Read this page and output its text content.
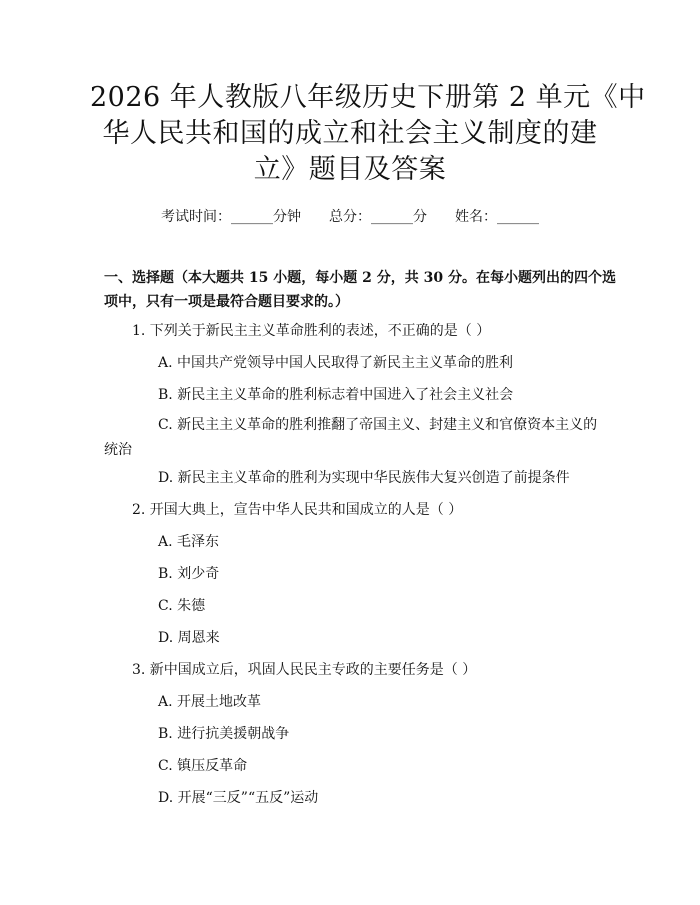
2026 年人教版八年级历史下册第 2 单元《中
华人民共和国的成立和社会主义制度的建
立》题目及答案
考试时间：______分钟 总分：______分 姓名：______
一、选择题（本大题共 15 小题，每小题 2 分，共 30 分。在每小题列出的四个选
项中，只有一项是最符合题目要求的。）
1. 下列关于新民主主义革命胜利的表述，不正确的是（ ）
A. 中国共产党领导中国人民取得了新民主主义革命的胜利
B. 新民主主义革命的胜利标志着中国进入了社会主义社会
C. 新民主主义革命的胜利推翻了帝国主义、封建主义和官僚资本主义的
统治
D. 新民主主义革命的胜利为实现中华民族伟大复兴创造了前提条件
2. 开国大典上，宣告中华人民共和国成立的人是（ ）
A. 毛泽东
B. 刘少奇
C. 朱德
D. 周恩来
3. 新中国成立后，巩固人民民主专政的主要任务是（ ）
A. 开展土地改革
B. 进行抗美援朝战争
C. 镇压反革命
D. 开展“三反”“五反”运动
